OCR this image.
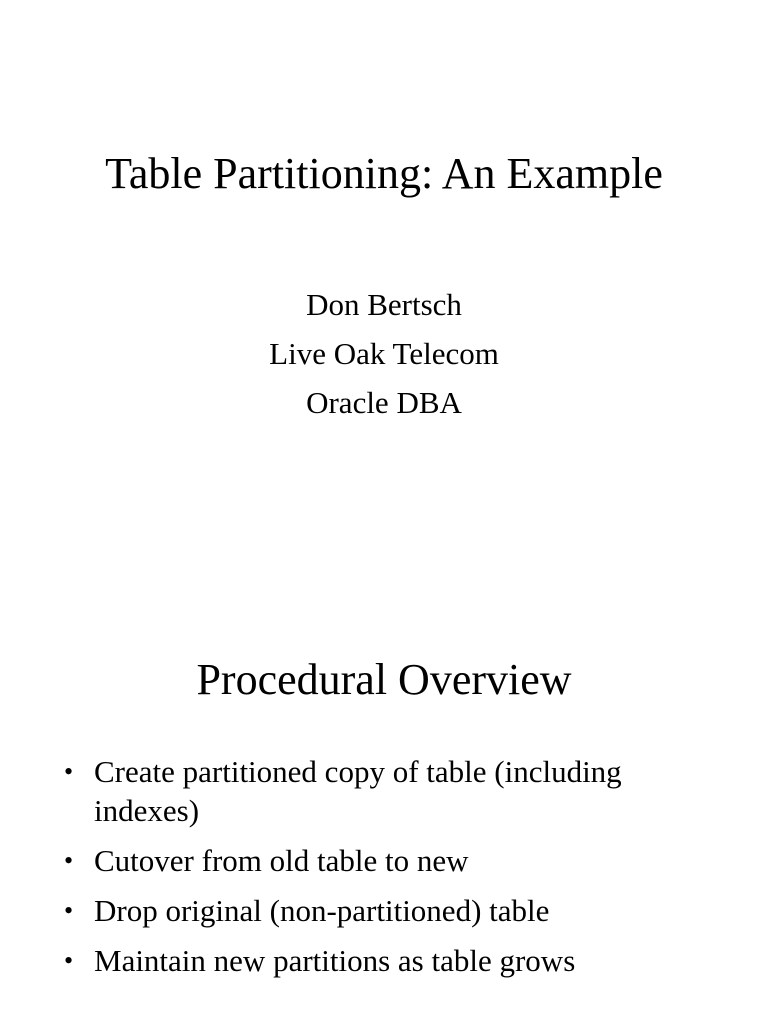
Table Partitioning: An Example
Don Bertsch
Live Oak Telecom
Oracle DBA
Procedural Overview
• Create partitioned copy of table (including indexes)
• Cutover from old table to new
• Drop original (non-partitioned) table
• Maintain new partitions as table grows
